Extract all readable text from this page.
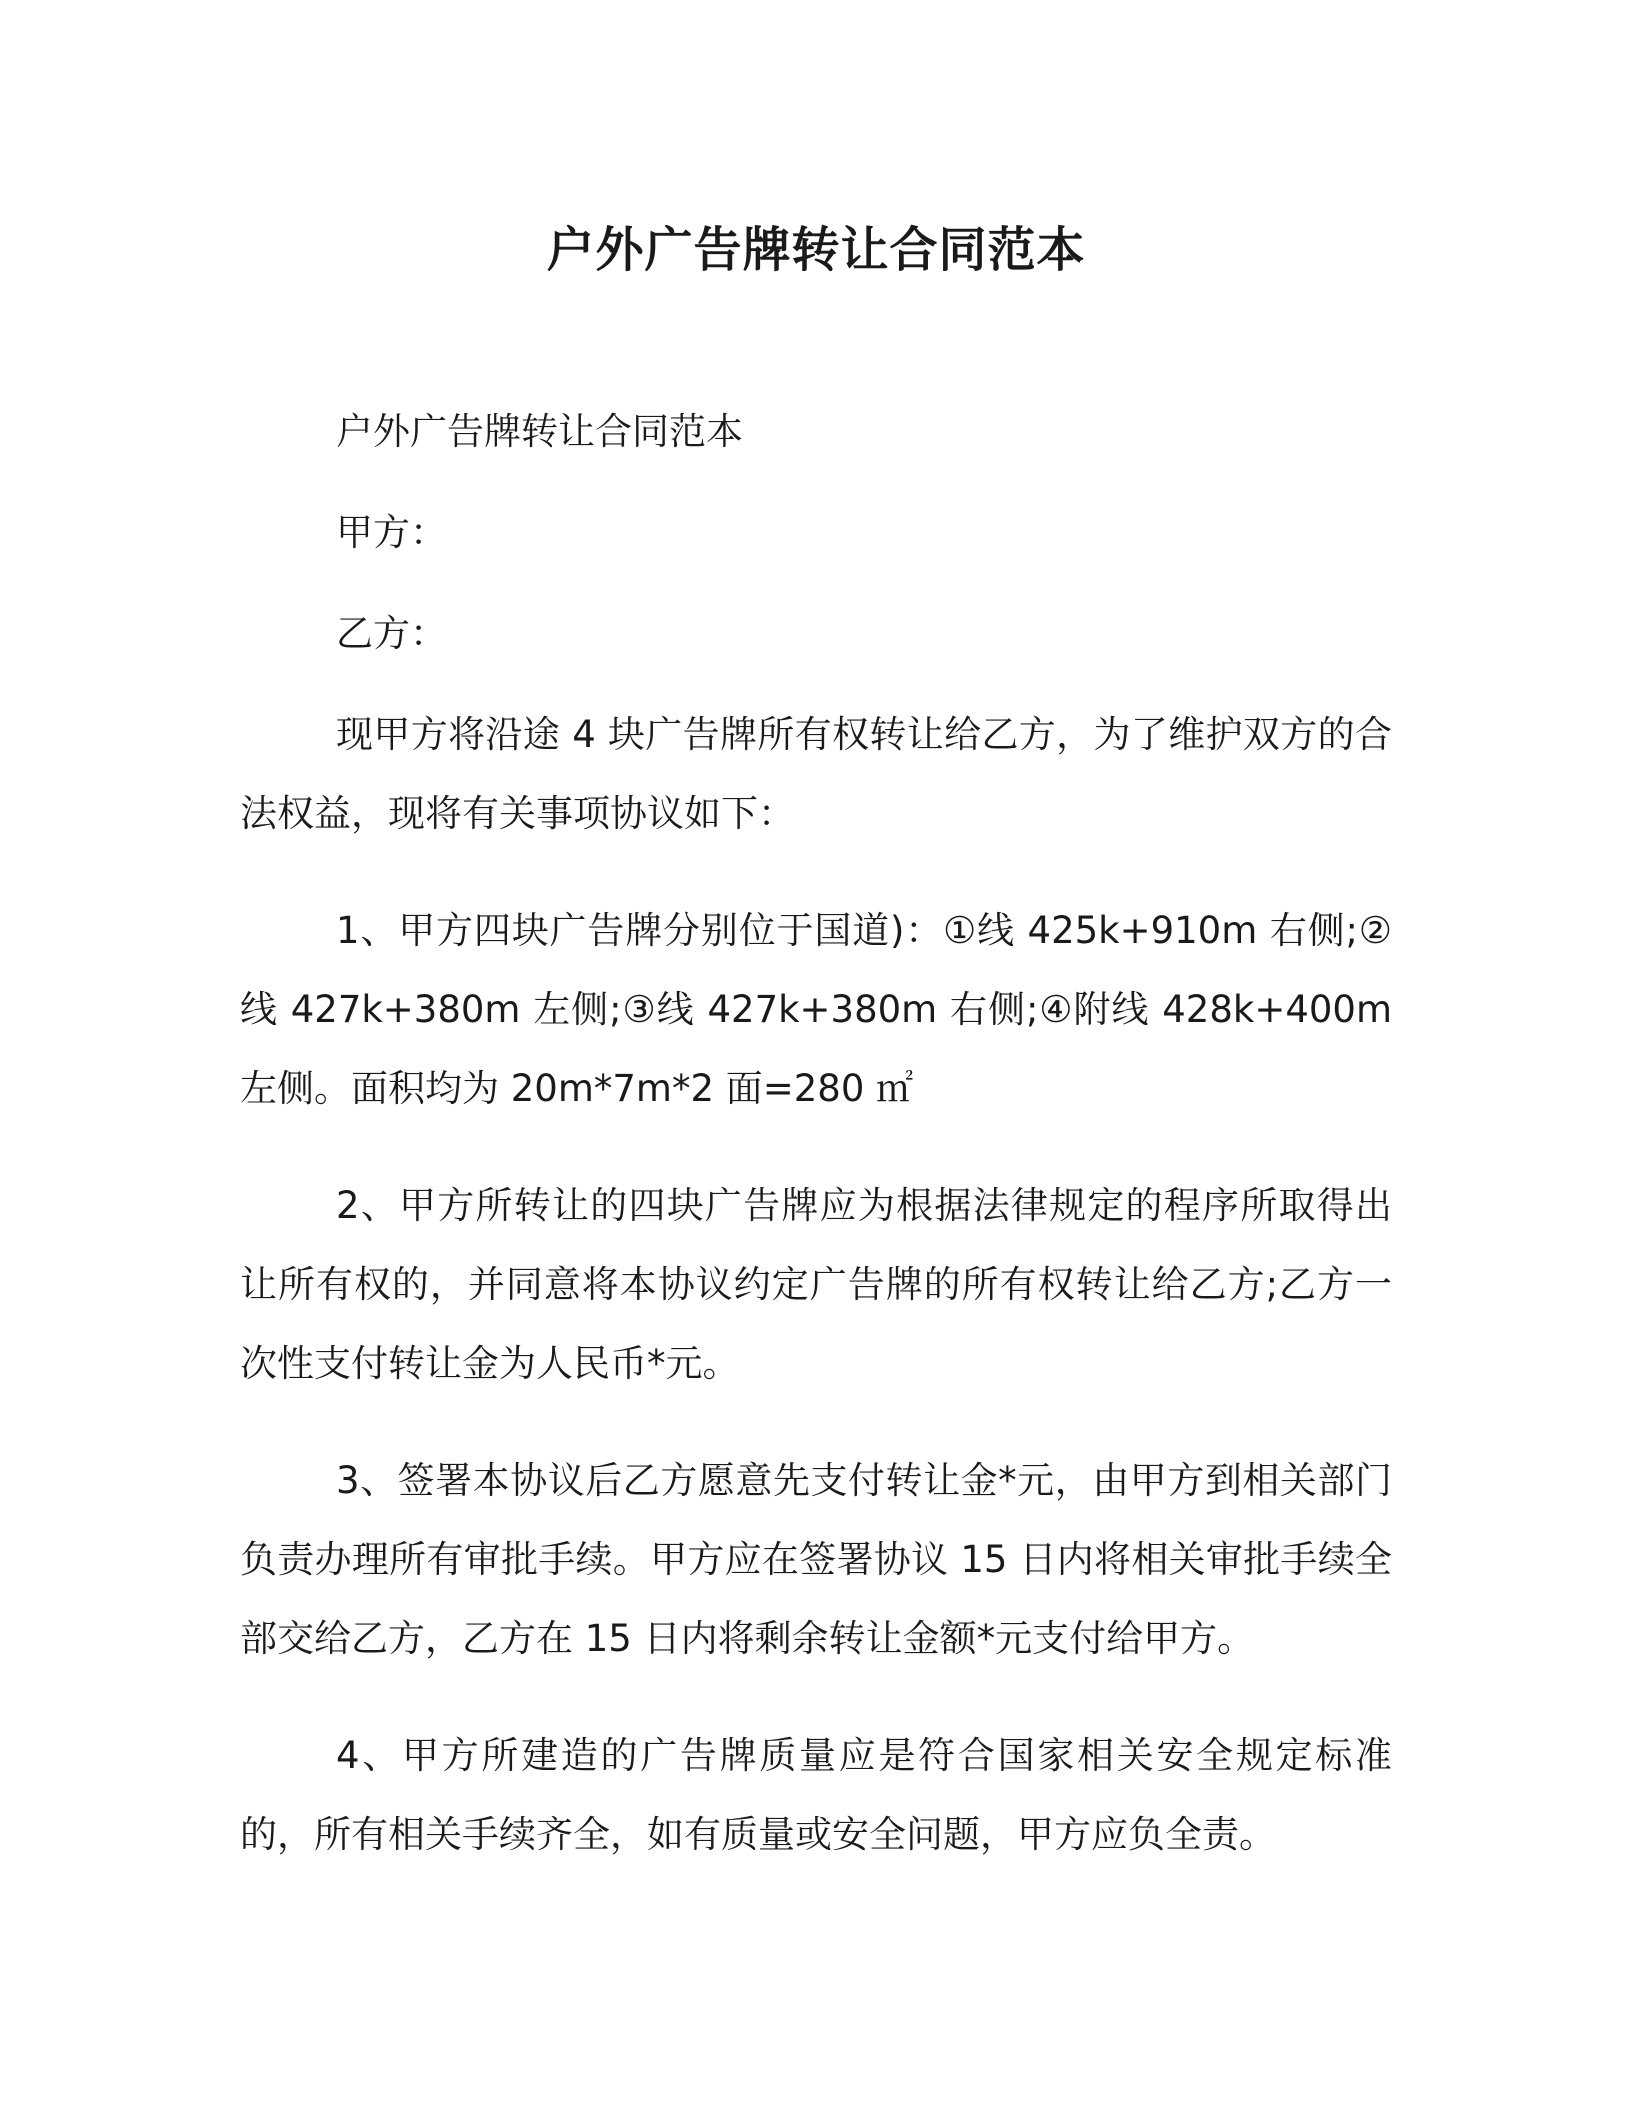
户外广告牌转让合同范本

户外广告牌转让合同范本

甲方：

乙方：

现甲方将沿途 4 块广告牌所有权转让给乙方，为了维护双方的合法权益，现将有关事项协议如下：

1、甲方四块广告牌分别位于国道)：①线 425k+910m 右侧;②线 427k+380m 左侧;③线 427k+380m 右侧;④附线 428k+400m 左侧。面积均为 20m*7m*2 面=280 ㎡

2、甲方所转让的四块广告牌应为根据法律规定的程序所取得出让所有权的，并同意将本协议约定广告牌的所有权转让给乙方;乙方一次性支付转让金为人民币*元。

3、签署本协议后乙方愿意先支付转让金*元，由甲方到相关部门负责办理所有审批手续。甲方应在签署协议 15 日内将相关审批手续全部交给乙方，乙方在 15 日内将剩余转让金额*元支付给甲方。

4、甲方所建造的广告牌质量应是符合国家相关安全规定标准的，所有相关手续齐全，如有质量或安全问题，甲方应负全责。
